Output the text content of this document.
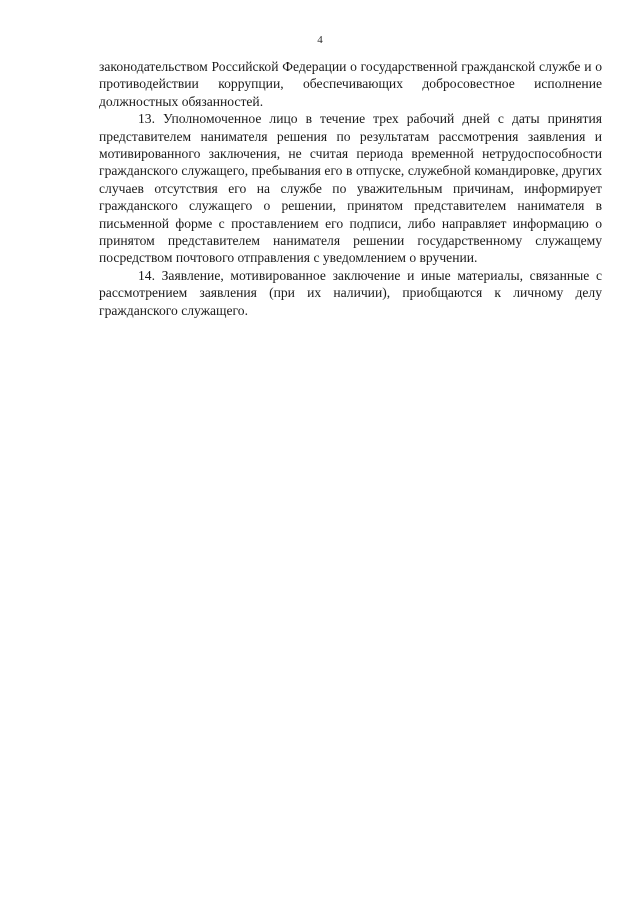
4

законодательством Российской Федерации о государственной гражданской службе и о противодействии коррупции, обеспечивающих добросовестное исполнение должностных обязанностей.

13. Уполномоченное лицо в течение трех рабочий дней с даты принятия представителем нанимателя решения по результатам рассмотрения заявления и мотивированного заключения, не считая периода временной нетрудоспособности гражданского служащего, пребывания его в отпуске, служебной командировке, других случаев отсутствия его на службе по уважительным причинам, информирует гражданского служащего о решении, принятом представителем нанимателя в письменной форме с проставлением его подписи, либо направляет информацию о принятом представителем нанимателя решении государственному служащему посредством почтового отправления с уведомлением о вручении.

14. Заявление, мотивированное заключение и иные материалы, связанные с рассмотрением заявления (при их наличии), приобщаются к личному делу гражданского служащего.
